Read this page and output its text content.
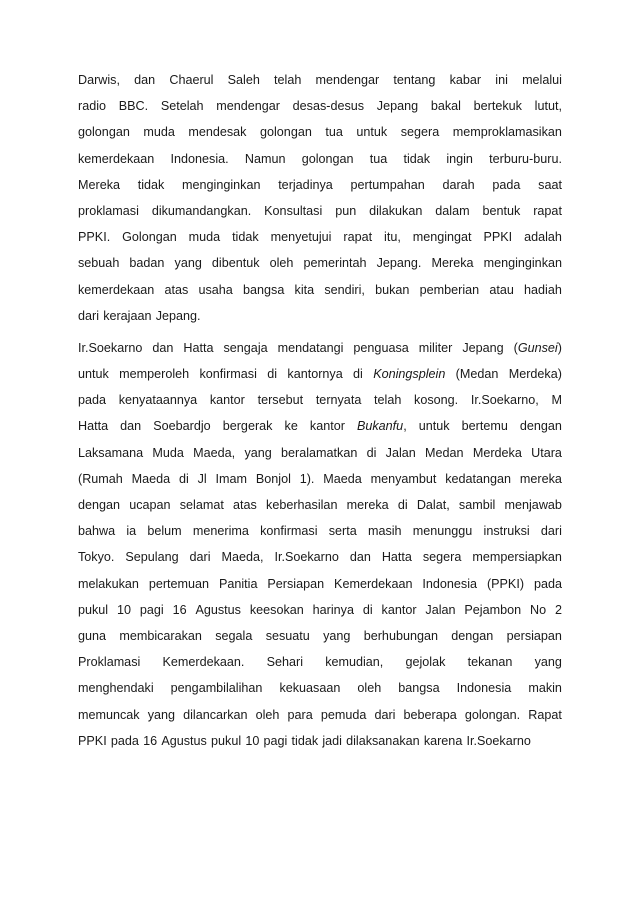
Darwis, dan Chaerul Saleh telah mendengar tentang kabar ini melalui
radio BBC. Setelah mendengar desas-desus Jepang bakal bertekuk lutut,
golongan muda mendesak golongan tua untuk segera memproklamasikan
kemerdekaan Indonesia. Namun golongan tua tidak ingin terburu-buru.
Mereka tidak menginginkan terjadinya pertumpahan darah pada saat
proklamasi dikumandangkan. Konsultasi pun dilakukan dalam bentuk rapat
PPKI. Golongan muda tidak menyetujui rapat itu, mengingat PPKI adalah
sebuah badan yang dibentuk oleh pemerintah Jepang. Mereka menginginkan
kemerdekaan atas usaha bangsa kita sendiri, bukan pemberian atau hadiah
dari kerajaan Jepang.
Ir.Soekarno dan Hatta sengaja mendatangi penguasa militer Jepang (Gunsei)
untuk memperoleh konfirmasi di kantornya di Koningsplein (Medan Merdeka)
pada kenyataannya kantor tersebut ternyata telah kosong. Ir.Soekarno, M
Hatta dan Soebardjo bergerak ke kantor Bukanfu, untuk bertemu dengan
Laksamana Muda Maeda, yang beralamatkan di Jalan Medan Merdeka Utara
(Rumah Maeda di Jl Imam Bonjol 1). Maeda menyambut kedatangan mereka
dengan ucapan selamat atas keberhasilan mereka di Dalat, sambil menjawab
bahwa ia belum menerima konfirmasi serta masih menunggu instruksi dari
Tokyo. Sepulang dari Maeda, Ir.Soekarno dan Hatta segera mempersiapkan
melakukan pertemuan Panitia Persiapan Kemerdekaan Indonesia (PPKI) pada
pukul 10 pagi 16 Agustus keesokan harinya di kantor Jalan Pejambon No 2
guna membicarakan segala sesuatu yang berhubungan dengan persiapan
Proklamasi Kemerdekaan. Sehari kemudian, gejolak tekanan yang
menghendaki pengambilalihan kekuasaan oleh bangsa Indonesia makin
memuncak yang dilancarkan oleh para pemuda dari beberapa golongan. Rapat
PPKI pada 16 Agustus pukul 10 pagi tidak jadi dilaksanakan karena Ir.Soekarno
